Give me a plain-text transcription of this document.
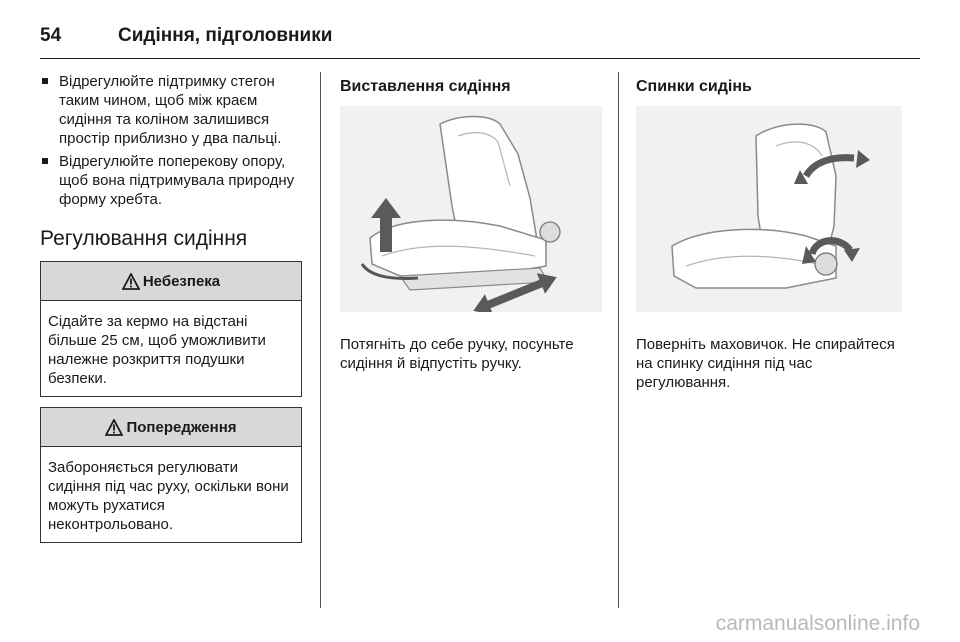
54	Сидіння, підголовники
Відрегулюйте підтримку стегон таким чином, щоб між краєм сидіння та коліном залишився простір приблизно у два пальці.
Відрегулюйте поперекову опору, щоб вона підтримувала природну форму хребта.
Регулювання сидіння
Небезпека
Сідайте за кермо на відстані більше 25 см, щоб уможливити належне розкриття подушки безпеки.
Попередження
Забороняється регулювати сидіння під час руху, оскільки вони можуть рухатися неконтрольовано.
Виставлення сидіння

Потягніть до себе ручку, посуньте сидіння й відпустіть ручку.

Спинки сидінь

Поверніть маховичок. Не спирайтеся на спинку сидіння під час регулювання.

carmanualsonline.info
